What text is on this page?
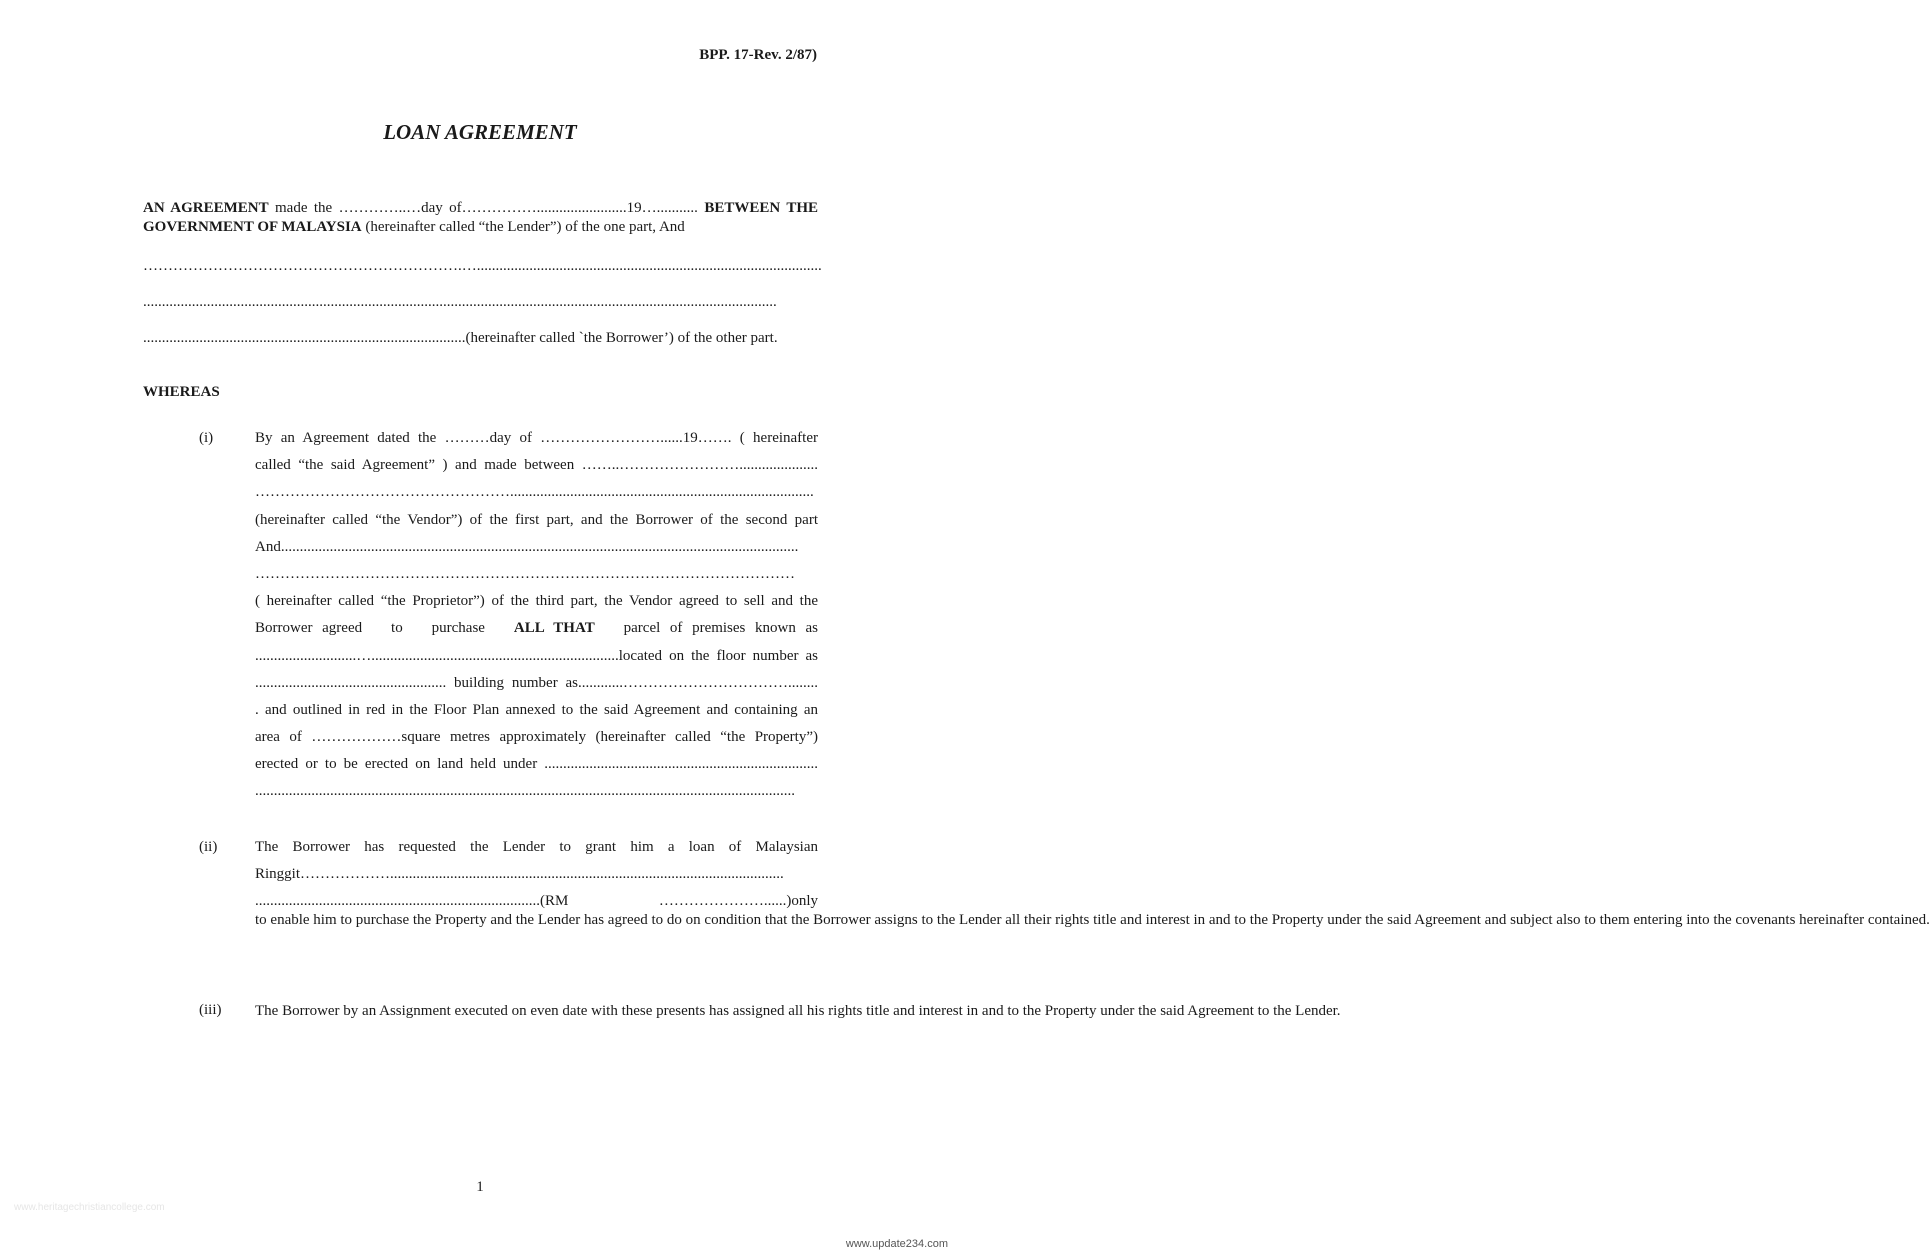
BPP. 17-Rev. 2/87)
LOAN AGREEMENT
AN AGREEMENT made the …………..…day of……………........................19…........... BETWEEN THE
GOVERNMENT OF MALAYSIA (hereinafter called “the Lender”) of the one part, And
……………………………………………………….…............................................................................................
.........................................................................................................................................................................
......................................................................................(hereinafter called `the Borrower’) of the other part.
WHEREAS
(i)	By an Agreement dated the ………day of ……………………......19……. ( hereinafter
called “the said Agreement” ) and made between ……..…………………….....................
…………………………………………….................................................................................
(hereinafter called “the Vendor”) of the first part, and the Borrower of the second part
And..........................................................................................................................................
………………………………………………………………………………………………
( hereinafter called “the Proprietor”) of the third part, the Vendor agreed to sell and the
Borrower agreed   to   purchase   ALL THAT   parcel of premises known as
...........................…..................................................................located on the floor number as
................................................... building number as............……………………………........
. and outlined in red in the Floor Plan annexed to the said Agreement and containing an
area of ………………square metres approximately (hereinafter called “the Property”)
erected or to be erected on land held under .........................................................................
................................................................................................................................................
(ii)	The Borrower has requested the Lender to grant him a loan of Malaysian
Ringgit……………….........................................................................................................
............................................................................(RM …………………......)only
to enable him to purchase the Property and the Lender has agreed to do on condition that the Borrower assigns to the Lender all their rights title and interest in and to the Property under the said Agreement and subject also to them entering into the covenants hereinafter contained.
(iii) The Borrower by an Assignment executed on even date with these presents has assigned all his rights title and interest in and to the Property under the said Agreement to the Lender.
1
www.heritagechristiancollege.com
www.update234.com
